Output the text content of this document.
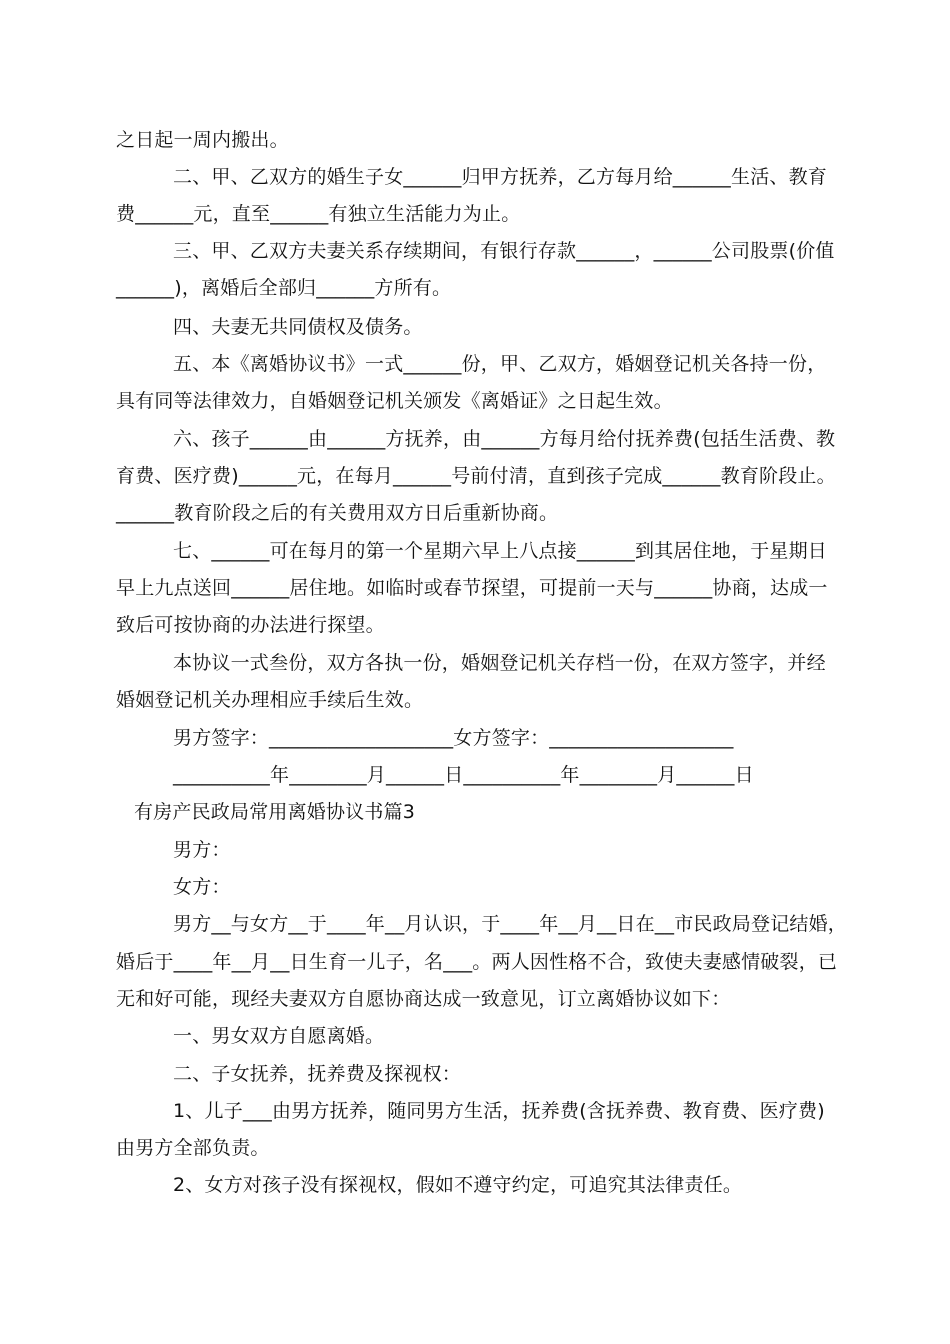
之日起一周内搬出。
二、甲、乙双方的婚生子女______归甲方抚养，乙方每月给______生活、教育
费______元，直至______有独立生活能力为止。
三、甲、乙双方夫妻关系存续期间，有银行存款______，______公司股票(价值
______)，离婚后全部归______方所有。
四、夫妻无共同债权及债务。
五、本《离婚协议书》一式______份，甲、乙双方，婚姻登记机关各持一份，
具有同等法律效力，自婚姻登记机关颁发《离婚证》之日起生效。
六、孩子______由______方抚养，由______方每月给付抚养费(包括生活费、教
育费、医疗费)______元，在每月______号前付清，直到孩子完成______教育阶段止。
______教育阶段之后的有关费用双方日后重新协商。
七、______可在每月的第一个星期六早上八点接______到其居住地，于星期日
早上九点送回______居住地。如临时或春节探望，可提前一天与______协商，达成一
致后可按协商的办法进行探望。
本协议一式叁份，双方各执一份，婚姻登记机关存档一份，在双方签字，并经
婚姻登记机关办理相应手续后生效。
男方签字：___________________女方签字：___________________
__________年________月______日__________年________月______日
有房产民政局常用离婚协议书篇3
男方：
女方：
男方__与女方__于____年__月认识，于____年__月__日在__市民政局登记结婚，
婚后于____年__月__日生育一儿子，名___。两人因性格不合，致使夫妻感情破裂，已
无和好可能，现经夫妻双方自愿协商达成一致意见，订立离婚协议如下：
一、男女双方自愿离婚。
二、子女抚养，抚养费及探视权：
1、儿子___由男方抚养，随同男方生活，抚养费(含抚养费、教育费、医疗费)
由男方全部负责。
2、女方对孩子没有探视权，假如不遵守约定，可追究其法律责任。
